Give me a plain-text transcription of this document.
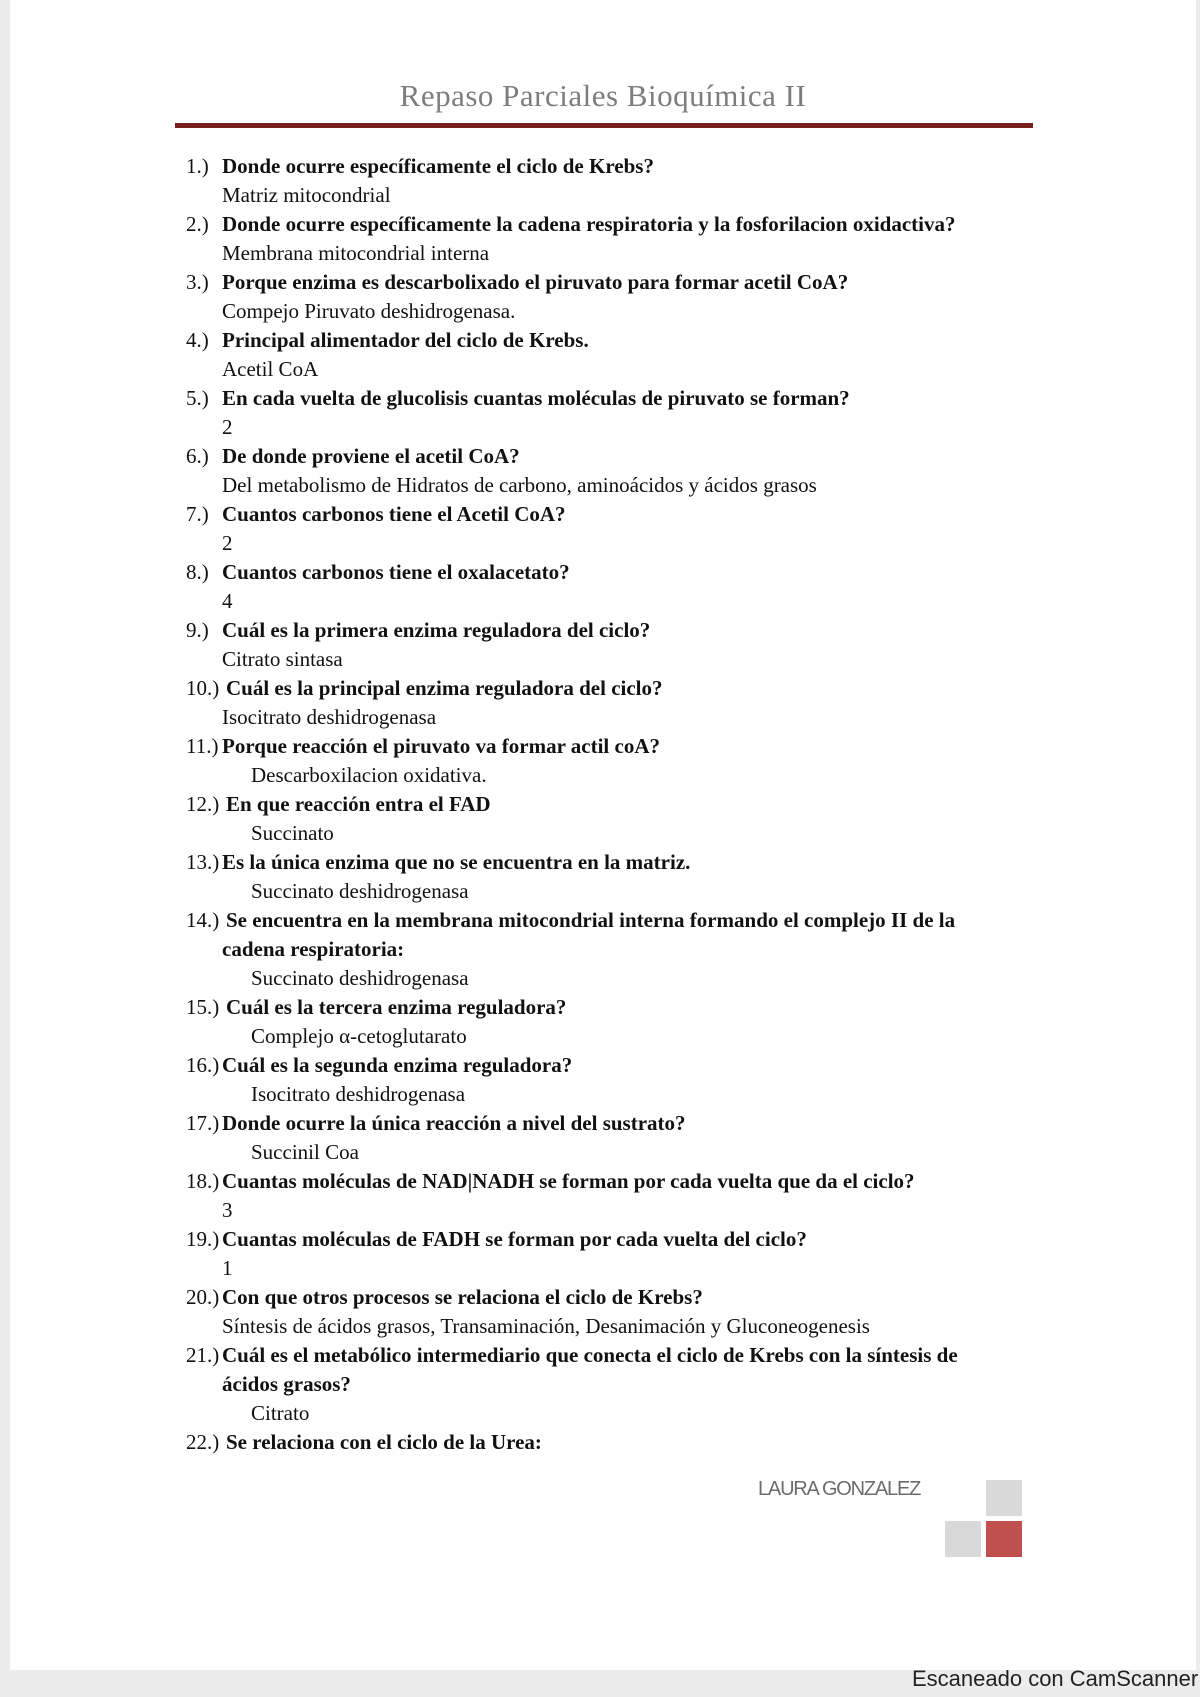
Repaso Parciales Bioquímica II
1.) Donde ocurre específicamente el ciclo de Krebs?
Matriz mitocondrial
2.) Donde ocurre específicamente la cadena respiratoria y la fosforilacion oxidactiva?
Membrana mitocondrial interna
3.) Porque enzima es descarbolixado el piruvato para formar acetil CoA?
Compejo Piruvato deshidrogenasa.
4.) Principal alimentador del ciclo de Krebs.
Acetil CoA
5.) En cada vuelta de glucolisis cuantas moléculas de piruvato se forman?
2
6.) De donde proviene el acetil CoA?
Del metabolismo de Hidratos de carbono, aminoácidos y ácidos grasos
7.) Cuantos carbonos tiene el Acetil CoA?
2
8.) Cuantos carbonos tiene el oxalacetato?
4
9.) Cuál es la primera enzima reguladora del ciclo?
Citrato sintasa
10.) Cuál es la principal enzima reguladora del ciclo?
Isocitrato deshidrogenasa
11.) Porque reacción el piruvato va formar actil coA?
Descarboxilacion oxidativa.
12.) En que reacción entra el FAD
Succinato
13.) Es la única enzima que no se encuentra en la matriz.
Succinato deshidrogenasa
14.) Se encuentra en la membrana mitocondrial interna formando el complejo II de la
cadena respiratoria:
Succinato deshidrogenasa
15.) Cuál es la tercera enzima reguladora?
Complejo α-cetoglutarato
16.) Cuál es la segunda enzima reguladora?
Isocitrato deshidrogenasa
17.) Donde ocurre la única reacción a nivel del sustrato?
Succinil Coa
18.) Cuantas moléculas de NAD|NADH se forman por cada vuelta que da el ciclo?
3
19.) Cuantas moléculas de FADH se forman por cada vuelta del ciclo?
1
20.) Con que otros procesos se relaciona el ciclo de Krebs?
Síntesis de ácidos grasos, Transaminación, Desanimación y Gluconeogenesis
21.) Cuál es el metabólico intermediario que conecta el ciclo de Krebs con la síntesis de
ácidos grasos?
Citrato
22.) Se relaciona con el ciclo de la Urea:
LAURA GONZALEZ
Escaneado con CamScanner
